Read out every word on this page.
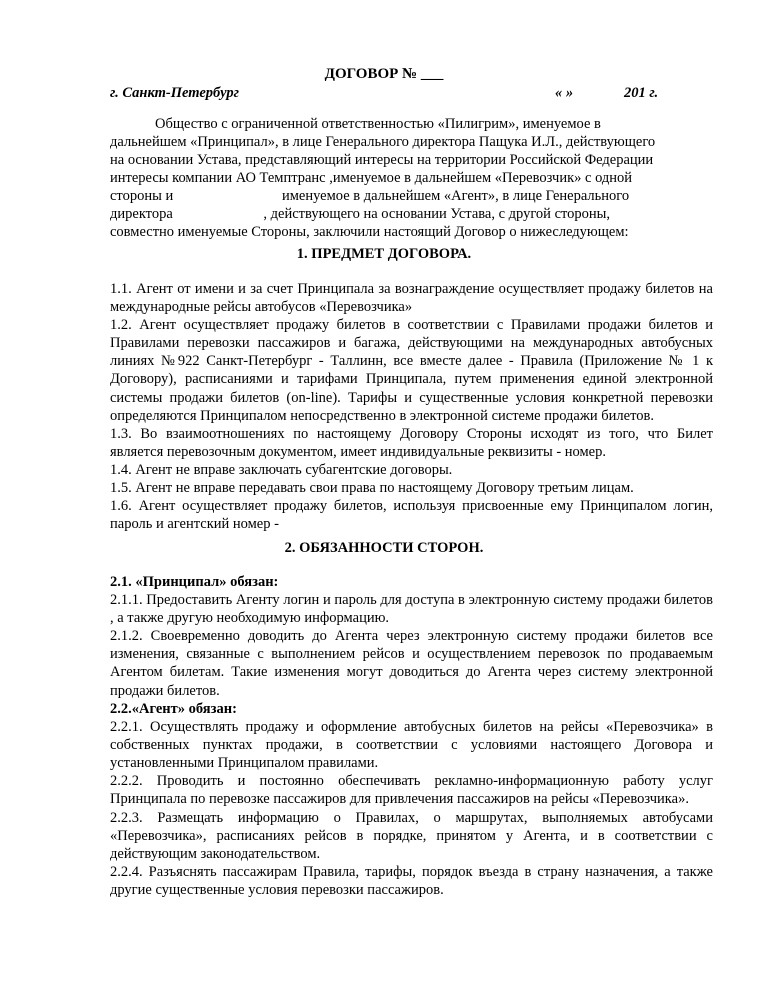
ДОГОВОР № ___
г. Санкт-Петербург	« »	201 г.
Общество с ограниченной ответственностью «Пилигрим», именуемое в
дальнейшем «Принципал», в лице Генерального директора Пащука И.Л., действующего
на основании Устава, представляющий интересы на территории Российской Федерации
интересы компании АО Темптранс ,именуемое в дальнейшем «Перевозчик» с одной
стороны и                              именуемое в дальнейшем «Агент», в лице Генерального
директора                         , действующего на основании Устава, с другой стороны,
совместно именуемые Стороны, заключили настоящий Договор о нижеследующем:
1. ПРЕДМЕТ ДОГОВОРА.

1.1. Агент от имени и за счет Принципала за вознаграждение осуществляет продажу билетов на международные рейсы автобусов «Перевозчика»

1.2. Агент осуществляет продажу билетов в соответствии с Правилами продажи билетов и Правилами перевозки пассажиров и багажа, действующими на международных автобусных линиях №922 Санкт-Петербург - Таллинн, все вместе далее - Правила (Приложение № 1 к Договору), расписаниями и тарифами Принципала, путем применения единой электронной системы продажи билетов (on-line). Тарифы и существенные условия конкретной перевозки определяются Принципалом непосредственно в электронной системе продажи билетов.

1.3. Во взаимоотношениях по настоящему Договору Стороны исходят из того, что Билет является перевозочным документом, имеет индивидуальные реквизиты - номер.

1.4. Агент не вправе заключать субагентские договоры.

1.5. Агент не вправе передавать свои права по настоящему Договору третьим лицам.

1.6. Агент осуществляет продажу билетов, используя присвоенные ему Принципалом логин, пароль и агентский номер -

2. ОБЯЗАННОСТИ СТОРОН.

2.1. «Принципал» обязан:

2.1.1. Предоставить Агенту логин и пароль для доступа в электронную систему продажи билетов , а также другую необходимую информацию.

2.1.2. Своевременно доводить до Агента через электронную систему продажи билетов все изменения, связанные с выполнением рейсов и осуществлением перевозок по продаваемым Агентом билетам. Такие изменения могут доводиться до Агента через систему электронной продажи билетов.

2.2.«Агент» обязан:

2.2.1. Осуществлять продажу и оформление автобусных билетов на рейсы «Перевозчика» в собственных пунктах продажи, в соответствии с условиями настоящего Договора и установленными Принципалом правилами.

2.2.2. Проводить и постоянно обеспечивать рекламно-информационную работу услуг Принципала по перевозке пассажиров для привлечения пассажиров на рейсы «Перевозчика».

2.2.3. Размещать информацию о Правилах, о маршрутах, выполняемых автобусами «Перевозчика», расписаниях рейсов в порядке, принятом у Агента, и в соответствии с действующим законодательством.

2.2.4. Разъяснять пассажирам Правила, тарифы, порядок въезда в страну назначения, а также другие существенные условия перевозки пассажиров.
